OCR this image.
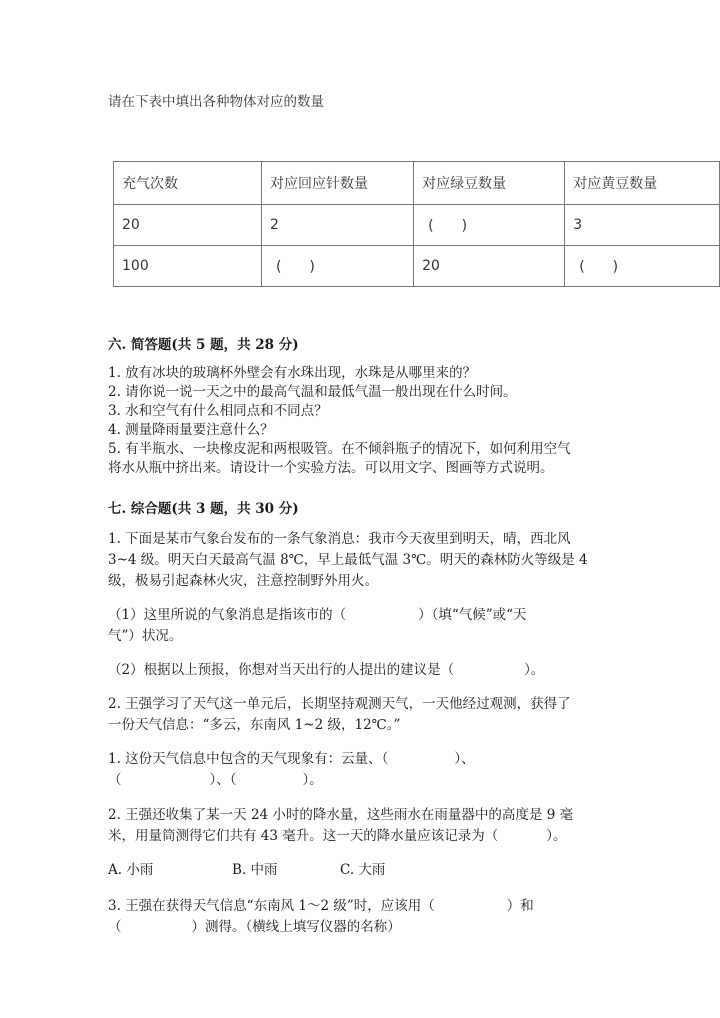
请在下表中填出各种物体对应的数量
充气次数	对应回应针数量	对应绿豆数量	对应黄豆数量
20	2	(　　)	3
100	(　　)	20	(　　)
六. 简答题(共 5 题，共 28 分)
1. 放有冰块的玻璃杯外壁会有水珠出现，水珠是从哪里来的？
2. 请你说一说一天之中的最高气温和最低气温一般出现在什么时间。
3. 水和空气有什么相同点和不同点？
4. 测量降雨量要注意什么？
5. 有半瓶水、一块橡皮泥和两根吸管。在不倾斜瓶子的情况下，如何利用空气
将水从瓶中挤出来。请设计一个实验方法。可以用文字、图画等方式说明。
七. 综合题(共 3 题，共 30 分)
1. 下面是某市气象台发布的一条气象消息：我市今天夜里到明天，晴，西北风
3~4 级。明天白天最高气温 8℃，早上最低气温 3℃。明天的森林防火等级是 4
级，极易引起森林火灾，注意控制野外用火。
（1）这里所说的气象消息是指该市的（	）（填“气候”或“天
气”）状况。
（2）根据以上预报，你想对当天出行的人提出的建议是（	）。
2. 王强学习了天气这一单元后，长期坚持观测天气，一天他经过观测，获得了
一份天气信息：“多云，东南风 1~2 级，12℃。”
1. 这份天气信息中包含的天气现象有：云量、（	）、
（	）、（	）。
2. 王强还收集了某一天 24 小时的降水量，这些雨水在雨量器中的高度是 9 毫
米，用量筒测得它们共有 43 毫升。这一天的降水量应该记录为（	）。
A. 小雨	B. 中雨	C. 大雨
3. 王强在获得天气信息“东南风 1～2 级”时，应该用（	）和
（	）测得。（横线上填写仪器的名称）
